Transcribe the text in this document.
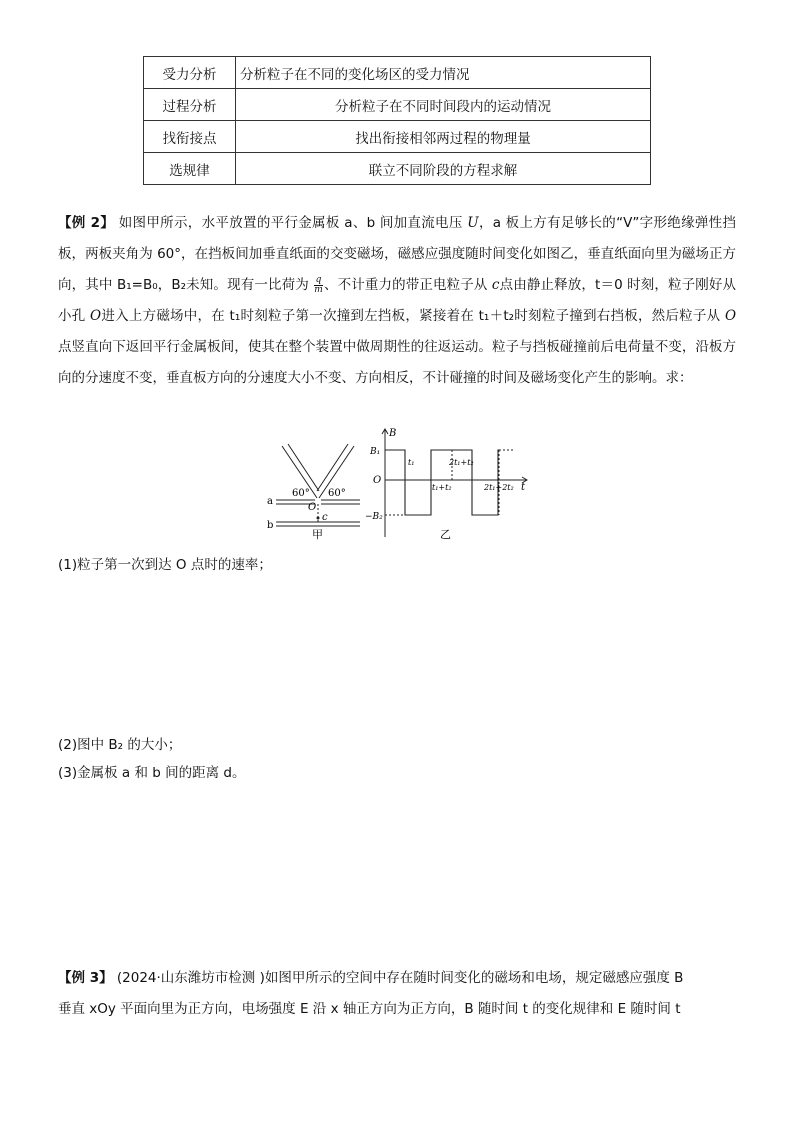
受力分析	分析粒子在不同的变化场区的受力情况
过程分析	分析粒子在不同时间段内的运动情况
找衔接点	找出衔接相邻两过程的物理量
选规律	联立不同阶段的方程求解
【例 2】 如图甲所示，水平放置的平行金属板 a、b 间加直流电压 U，a 板上方有足够长的“V”字形绝缘弹性挡板，两板夹角为 60°，在挡板间加垂直纸面的交变磁场，磁感应强度随时间变化如图乙，垂直纸面向里为磁场正方向，其中 B₁=B₀，B₂未知。现有一比荷为 $\frac{q}{m}$ 、不计重力的带正电粒子从 c点由静止释放，t＝0 时刻，粒子刚好从小孔 O进入上方磁场中，在 t₁时刻粒子第一次撞到左挡板，紧接着在 t₁＋t₂时刻粒子撞到右挡板，然后粒子从 O点竖直向下返回平行金属板间，使其在整个装置中做周期性的往返运动。粒子与挡板碰撞前后电荷量不变，沿板方向的分速度不变，垂直板方向的分速度大小不变、方向相反，不计碰撞的时间及磁场变化产生的影响。求：
60° 60°
O
a
b
c
甲
B
t
B₁
O
−B₂
t₁	2t₁+t₂
t₁+t₂	2t₁+2t₂
乙
(1)粒子第一次到达 O 点时的速率；
(2)图中 B₂ 的大小；
(3)金属板 a 和 b 间的距离 d。
【例 3】 (2024·山东潍坊市检测 )如图甲所示的空间中存在随时间变化的磁场和电场，规定磁感应强度 B
垂直 xOy 平面向里为正方向，电场强度 E 沿 x 轴正方向为正方向，B 随时间 t 的变化规律和 E 随时间 t
